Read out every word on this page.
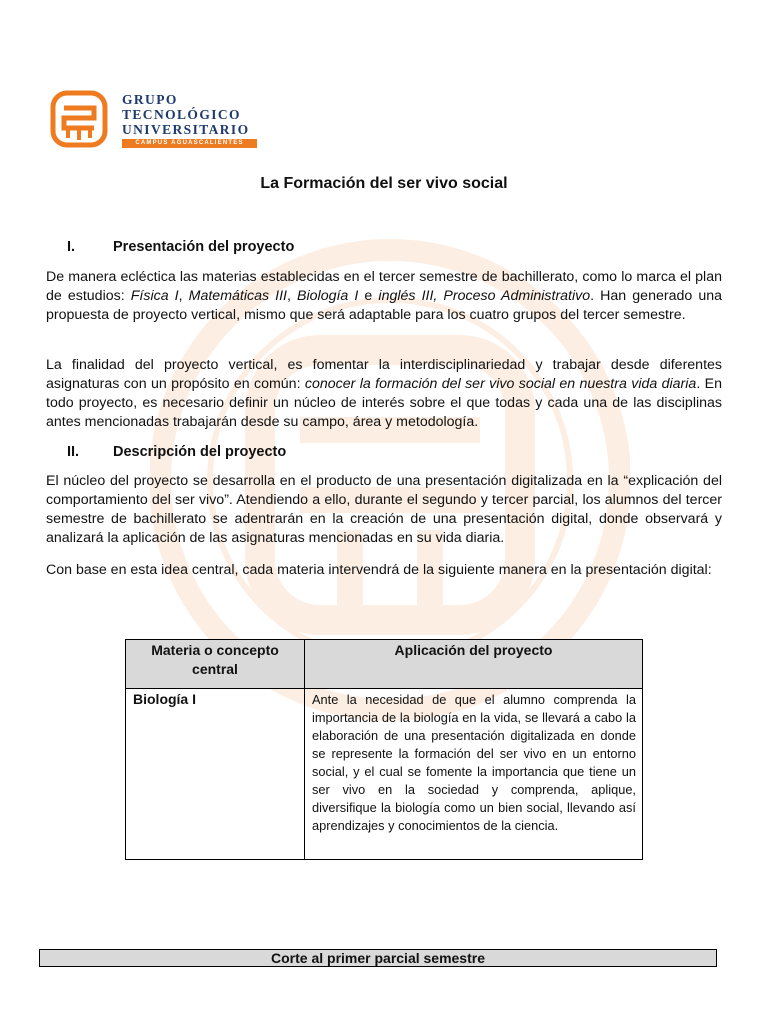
GRUPO
TECNOLÓGICO
UNIVERSITARIO
CAMPUS AGUASCALIENTES
La Formación del ser vivo social
I.	Presentación del proyecto

De manera ecléctica las materias establecidas en el tercer semestre de bachillerato, como lo marca el plan de estudios: Física I, Matemáticas III, Biología I e inglés III, Proceso Administrativo. Han generado una propuesta de proyecto vertical, mismo que será adaptable para los cuatro grupos del tercer semestre.

La finalidad del proyecto vertical, es fomentar la interdisciplinariedad y trabajar desde diferentes asignaturas con un propósito en común: conocer la formación del ser vivo social en nuestra vida diaria. En todo proyecto, es necesario definir un núcleo de interés sobre el que todas y cada una de las disciplinas antes mencionadas trabajarán desde su campo, área y metodología.

II.	Descripción del proyecto

El núcleo del proyecto se desarrolla en el producto de una presentación digitalizada en la “explicación del comportamiento del ser vivo”. Atendiendo a ello, durante el segundo y tercer parcial, los alumnos del tercer semestre de bachillerato se adentrarán en la creación de una presentación digital, donde observará y analizará la aplicación de las asignaturas mencionadas en su vida diaria.

Con base en esta idea central, cada materia intervendrá de la siguiente manera en la presentación digital:

Materia o concepto central	Aplicación del proyecto
Biología I	Ante la necesidad de que el alumno comprenda la importancia de la biología en la vida, se llevará a cabo la elaboración de una presentación digitalizada en donde se represente la formación del ser vivo en un entorno social, y el cual se fomente la importancia que tiene un ser vivo en la sociedad y comprenda, aplique, diversifique la biología como un bien social, llevando así aprendizajes y conocimientos de la ciencia.
Corte al primer parcial semestre
